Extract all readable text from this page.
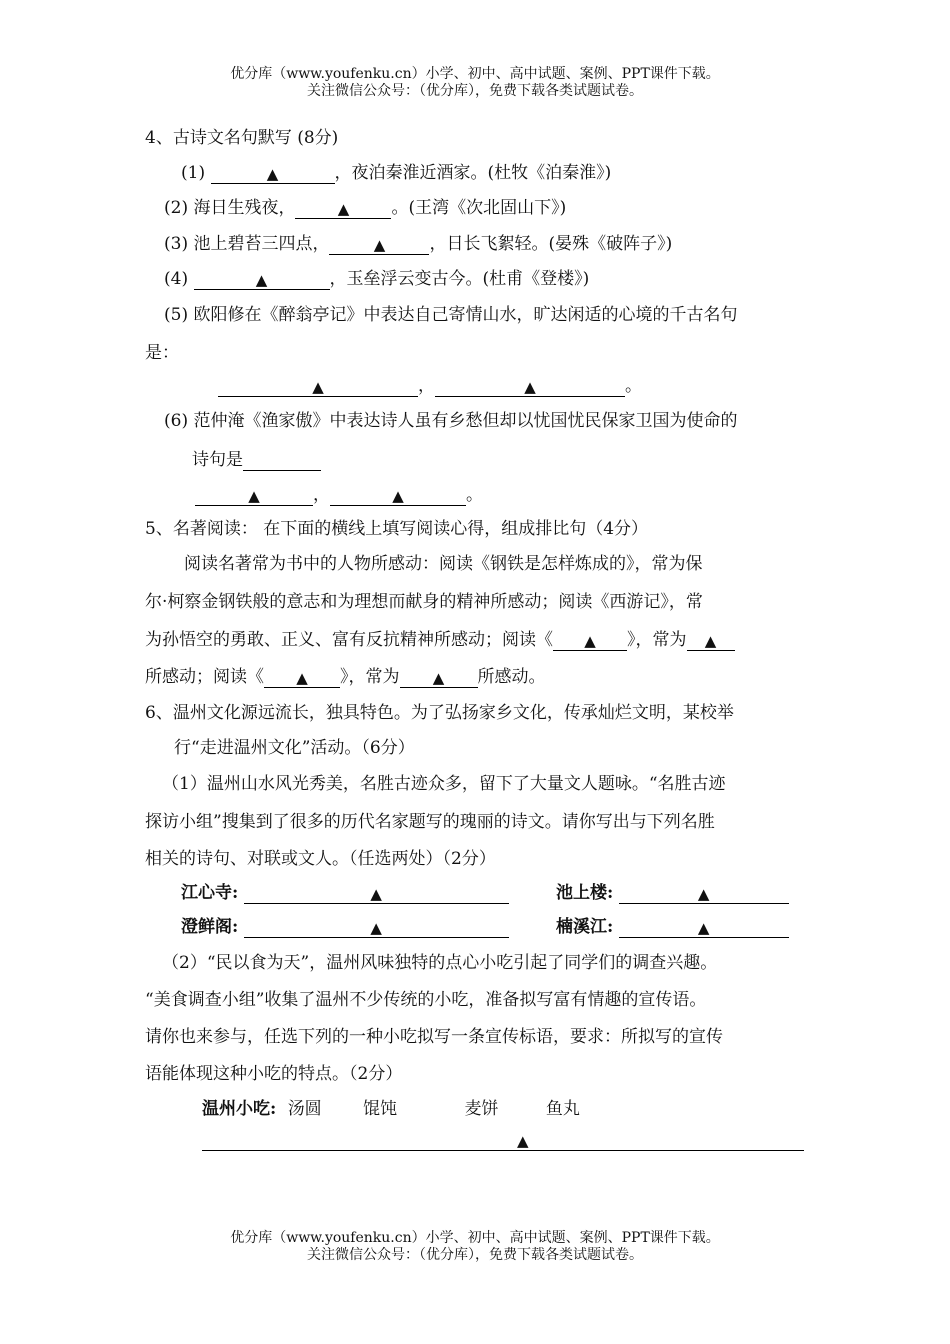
优分库（www.youfenku.cn）小学、初中、高中试题、案例、PPT课件下载。
关注微信公众号：（优分库），免费下载各类试题试卷。
4、古诗文名句默写 (8分)
(1)	▲	，夜泊秦淮近酒家。(杜牧《泊秦淮》)
(2) 海日生残夜，	▲ 。(王湾《次北固山下》)
(3) 池上碧苔三四点，	▲	，日长飞絮轻。(晏殊《破阵子》)
(4)	▲	，玉垒浮云变古今。(杜甫《登楼》)
(5) 欧阳修在《醉翁亭记》中表达自己寄情山水，旷达闲适的心境的千古名句
是：
▲	，	▲	。
(6) 范仲淹《渔家傲》中表达诗人虽有乡愁但却以忧国忧民保家卫国为使命的
诗句是
▲	，	▲	。
5、名著阅读： 在下面的横线上填写阅读心得，组成排比句（4分）
阅读名著常为书中的人物所感动：阅读《钢铁是怎样炼成的》，常为保
尔·柯察金钢铁般的意志和为理想而献身的精神所感动；阅读《西游记》，常
为孙悟空的勇敢、正义、富有反抗精神所感动；阅读《 ▲ 》，常为 ▲
所感动；阅读《 ▲ 》，常为 ▲ 所感动。
6、温州文化源远流长，独具特色。为了弘扬家乡文化，传承灿烂文明，某校举
行“走进温州文化”活动。（6分）
（1）温州山水风光秀美，名胜古迹众多，留下了大量文人题咏。“名胜古迹
探访小组”搜集到了很多的历代名家题写的瑰丽的诗文。请你写出与下列名胜
相关的诗句、对联或文人。（任选两处）（2分）
江心寺:	▲	池上楼:	▲
澄鲜阁:	▲	楠溪江:	▲
（2）“民以食为天”，温州风味独特的点心小吃引起了同学们的调查兴趣。
“美食调查小组”收集了温州不少传统的小吃，准备拟写富有情趣的宣传语。
请你也来参与，任选下列的一种小吃拟写一条宣传标语，要求：所拟写的宣传
语能体现这种小吃的特点。（2分）
温州小吃: 汤圆 馄饨	麦饼	鱼丸
▲
优分库（www.youfenku.cn）小学、初中、高中试题、案例、PPT课件下载。
关注微信公众号：（优分库），免费下载各类试题试卷。
